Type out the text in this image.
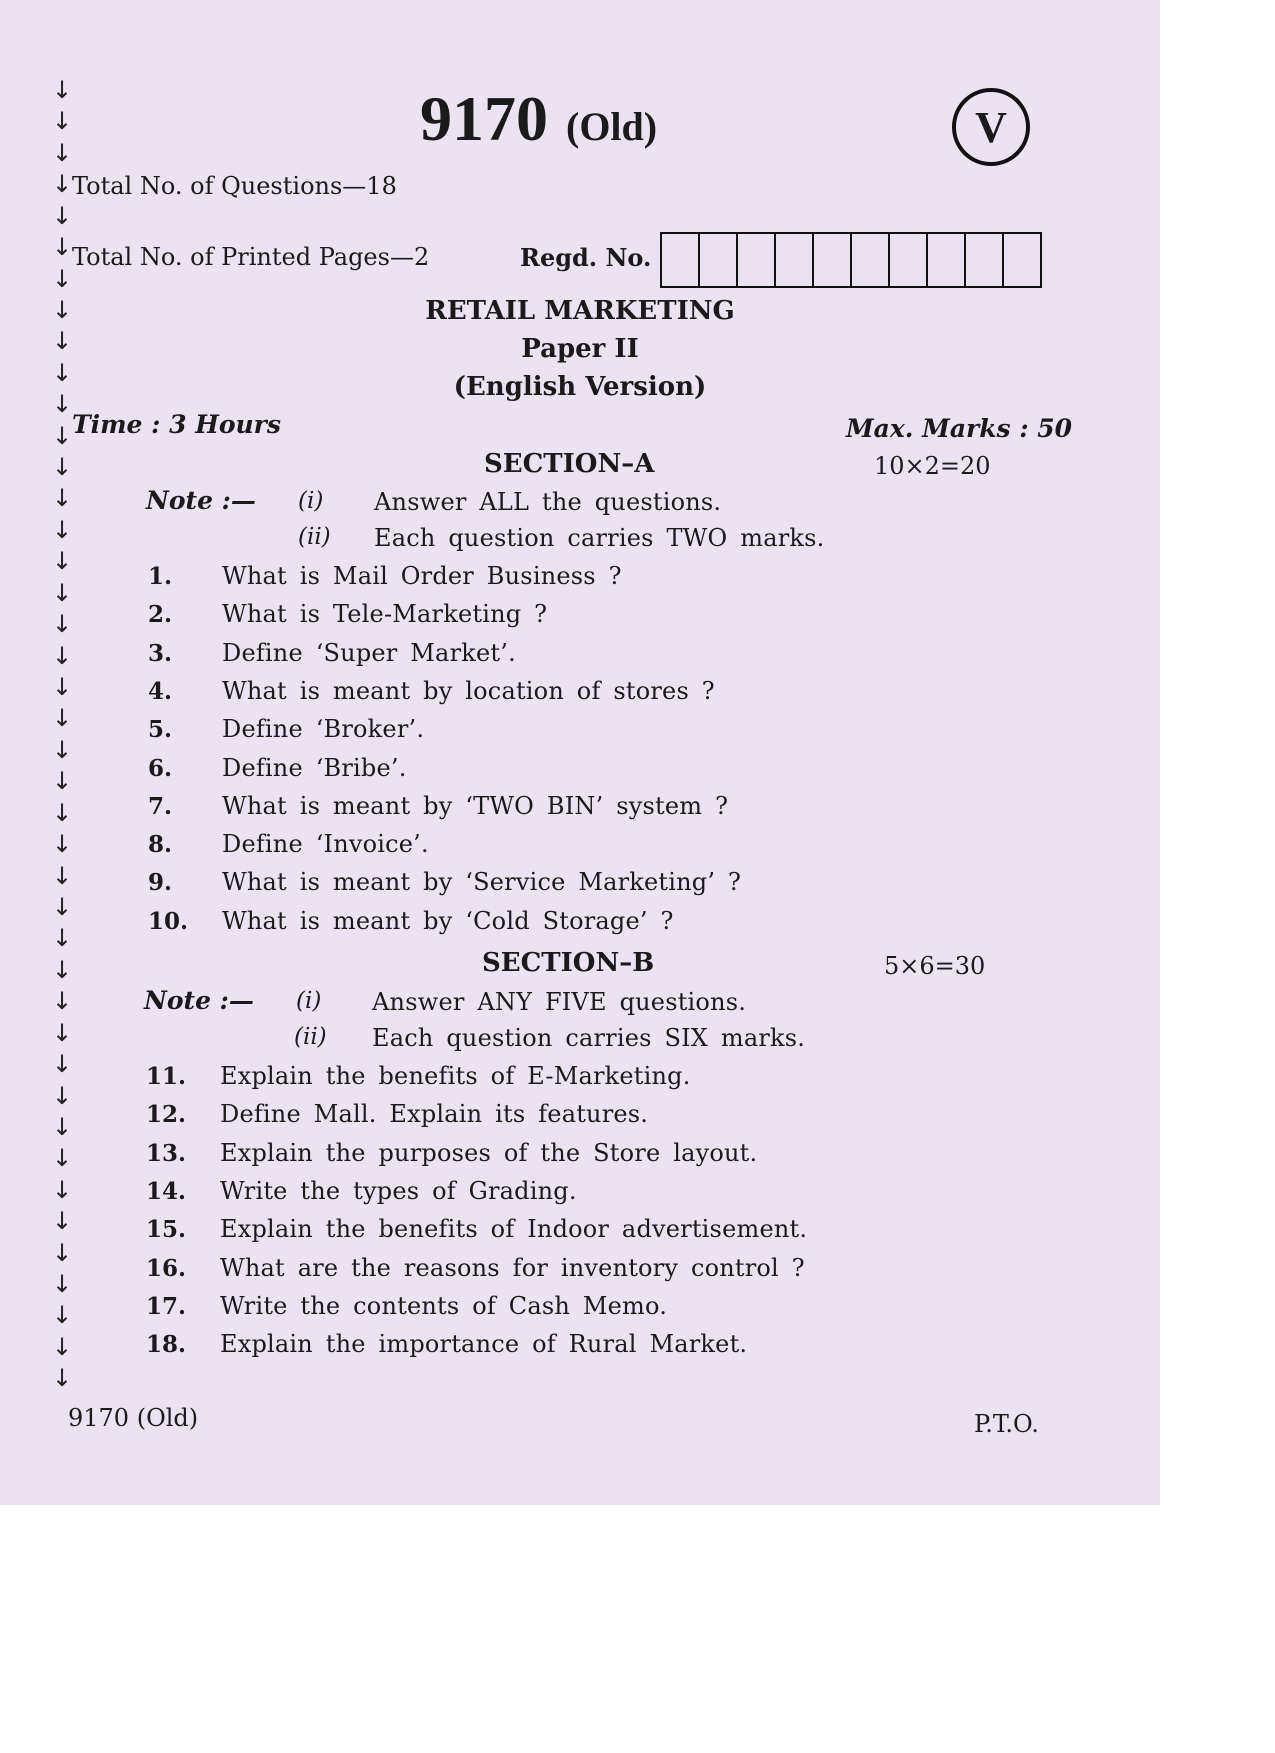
↓
↓
↓
↓
↓
↓
↓
↓
↓
↓
↓
↓
↓
↓
↓
↓
↓
↓
↓
↓
↓
↓
↓
↓
↓
↓
↓
↓
↓
↓
↓
↓
↓
↓
↓
↓
↓
↓
↓
↓
↓
↓
9170 (Old)	V
Total No. of Questions—18
Total No. of Printed Pages—2	Regd. No.
RETAIL MARKETING
Paper II
(English Version)
Time : 3 Hours	Max. Marks : 50
SECTION–A	10×2=20
Note :— (i) Answer ALL the questions.
(ii) Each question carries TWO marks.
1. What is Mail Order Business ?
2. What is Tele-Marketing ?
3. Define ‘Super Market’.
4. What is meant by location of stores ?
5. Define ‘Broker’.
6. Define ‘Bribe’.
7. What is meant by ‘TWO BIN’ system ?
8. Define ‘Invoice’.
9. What is meant by ‘Service Marketing’ ?
10. What is meant by ‘Cold Storage’ ?
SECTION–B	5×6=30
Note :— (i) Answer ANY FIVE questions.
(ii) Each question carries SIX marks.
11. Explain the benefits of E-Marketing.
12. Define Mall. Explain its features.
13. Explain the purposes of the Store layout.
14. Write the types of Grading.
15. Explain the benefits of Indoor advertisement.
16. What are the reasons for inventory control ?
17. Write the contents of Cash Memo.
18. Explain the importance of Rural Market.
9170 (Old)	P.T.O.
